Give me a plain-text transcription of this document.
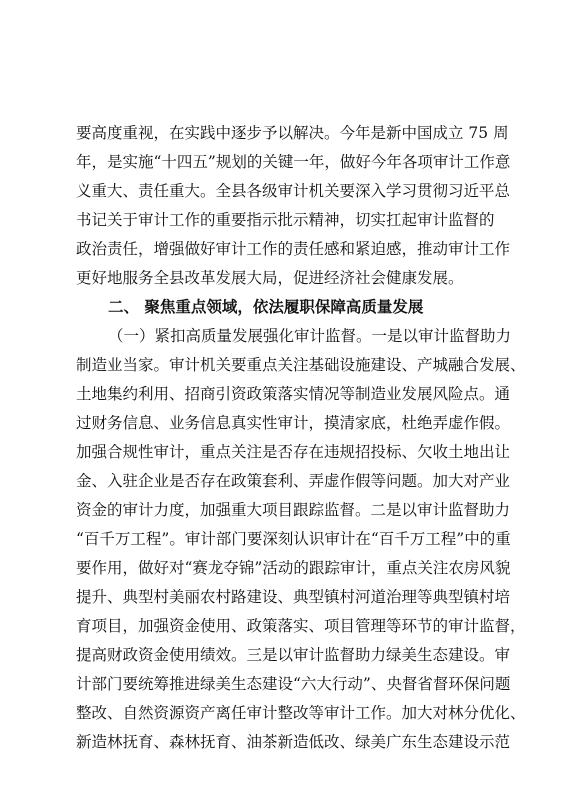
要高度重视，在实践中逐步予以解决。今年是新中国成立 75 周
年，是实施“十四五”规划的关键一年，做好今年各项审计工作意
义重大、责任重大。全县各级审计机关要深入学习贯彻习近平总
书记关于审计工作的重要指示批示精神，切实扛起审计监督的
政治责任，增强做好审计工作的责任感和紧迫感，推动审计工作
更好地服务全县改革发展大局，促进经济社会健康发展。
二、 聚焦重点领域，依法履职保障高质量发展
（一）紧扣高质量发展强化审计监督。一是以审计监督助力
制造业当家。审计机关要重点关注基础设施建设、产城融合发展、
土地集约利用、招商引资政策落实情况等制造业发展风险点。通
过财务信息、业务信息真实性审计，摸清家底，杜绝弄虚作假。
加强合规性审计，重点关注是否存在违规招投标、欠收土地出让
金、入驻企业是否存在政策套利、弄虚作假等问题。加大对产业
资金的审计力度，加强重大项目跟踪监督。二是以审计监督助力
“百千万工程”。审计部门要深刻认识审计在“百千万工程”中的重
要作用，做好对“赛龙夺锦”活动的跟踪审计，重点关注农房风貌
提升、典型村美丽农村路建设、典型镇村河道治理等典型镇村培
育项目，加强资金使用、政策落实、项目管理等环节的审计监督，
提高财政资金使用绩效。三是以审计监督助力绿美生态建设。审
计部门要统筹推进绿美生态建设“六大行动”、央督省督环保问题
整改、自然资源资产离任审计整改等审计工作。加大对林分优化、
新造林抚育、森林抚育、油茶新造低改、绿美广东生态建设示范
